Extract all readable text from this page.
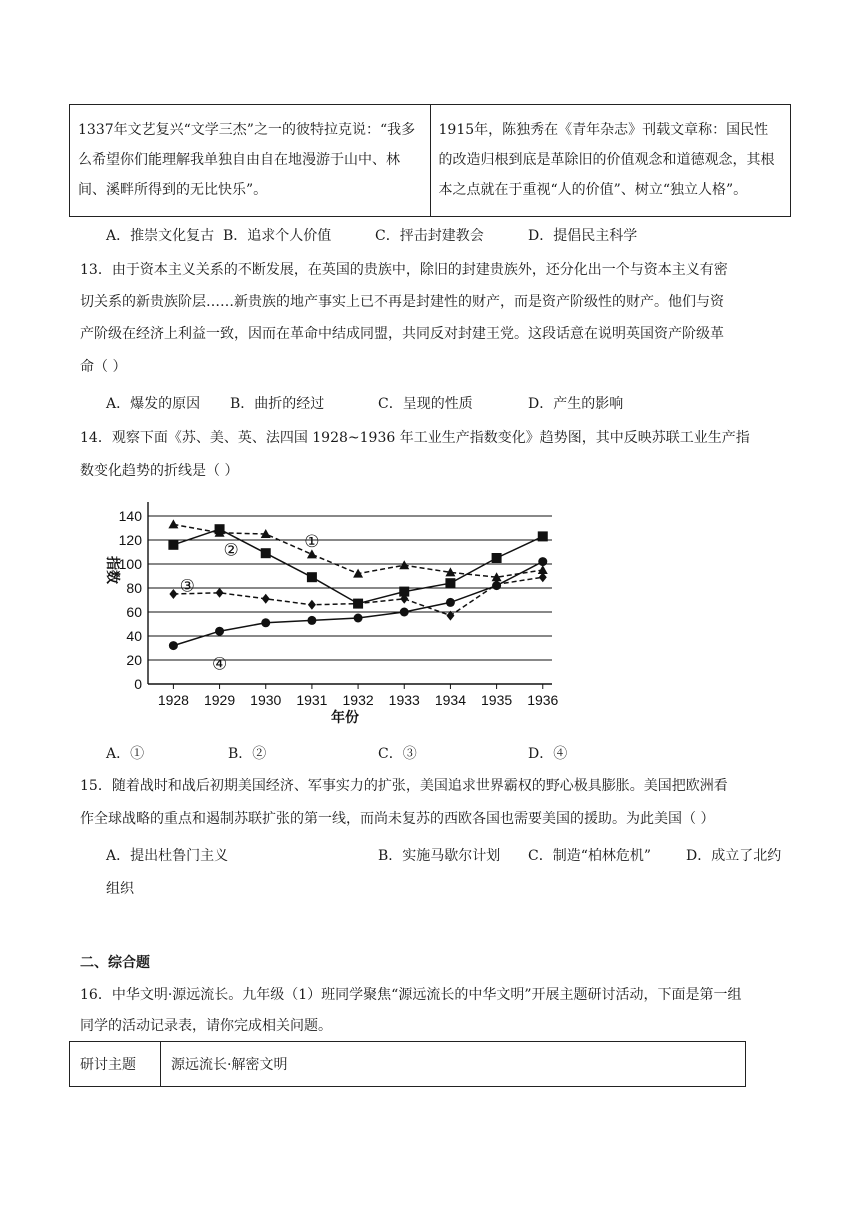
1337年文艺复兴“文学三杰”之一的彼特拉克说：“我多么希望你们能理解我单独自由自在地漫游于山中、林间、溪畔所得到的无比快乐”。	1915年，陈独秀在《青年杂志》刊载文章称：国民性的改造归根到底是革除旧的价值观念和道德观念，其根本之点就在于重视“人的价值”、树立“独立人格”。
A．推崇文化复古 B．追求个人价值	C．抨击封建教会	D．提倡民主科学
13．由于资本主义关系的不断发展，在英国的贵族中，除旧的封建贵族外，还分化出一个与资本主义有密
切关系的新贵族阶层……新贵族的地产事实上已不再是封建性的财产，而是资产阶级性的财产。他们与资
产阶级在经济上利益一致，因而在革命中结成同盟，共同反对封建王党。这段话意在说明英国资产阶级革
命（ ）
A．爆发的原因 B．曲折的经过	C．呈现的性质	D．产生的影响
14．观察下面《苏、美、英、法四国 1928~1936 年工业生产指数变化》趋势图，其中反映苏联工业生产指
数变化趋势的折线是（ ）
0
20
40
60
80
100
120
140
1928 1929 1930 1931 1932 1933 1934 1935 1936
年份
指数
①
②
③
④
A．①	B．②	C．③	D．④
15．随着战时和战后初期美国经济、军事实力的扩张，美国追求世界霸权的野心极具膨胀。美国把欧洲看
作全球战略的重点和遏制苏联扩张的第一线，而尚未复苏的西欧各国也需要美国的援助。为此美国（ ）
A．提出杜鲁门主义	B．实施马歇尔计划 C．制造“柏林危机” D．成立了北约
组织
二、综合题
16．中华文明·源远流长。九年级（1）班同学聚焦“源远流长的中华文明”开展主题研讨活动，下面是第一组
同学的活动记录表，请你完成相关问题。
研讨主题	源远流长·解密文明
